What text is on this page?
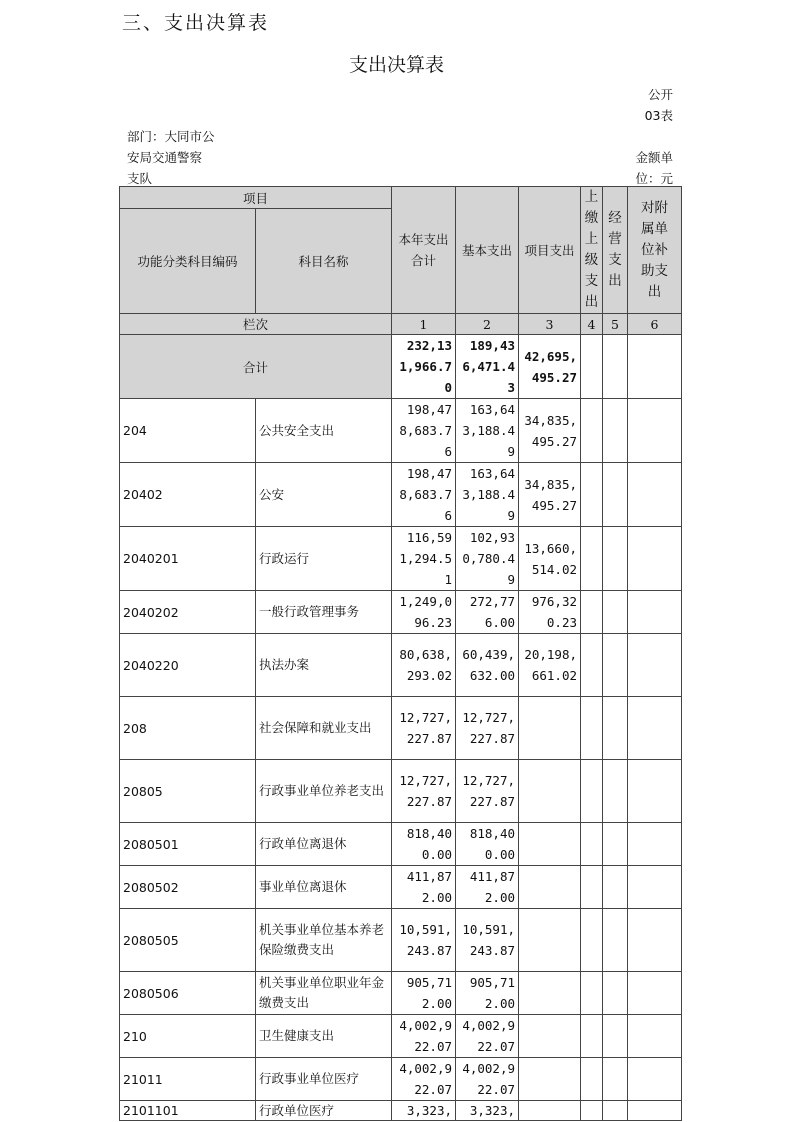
三、支出决算表
支出决算表
公开
03表
部门：大同市公
安局交通警察
支队
金额单
位：元
项目		本年支出合计	基本支出	项目支出	上缴上级支出	经营支出	对附属单位补助支出
功能分类科目编码	科目名称						
栏次		1	2	3	4	5	6
合计		232,131,966.70	189,436,471.43	42,695,495.27			
204	公共安全支出	198,478,683.76	163,643,188.49	34,835,495.27			
20402	公安	198,478,683.76	163,643,188.49	34,835,495.27			
2040201	行政运行	116,591,294.51	102,930,780.49	13,660,514.02			
2040202	一般行政管理事务	1,249,096.23	272,776.00	976,320.23			
2040220	执法办案	80,638,293.02	60,439,632.00	20,198,661.02			
208	社会保障和就业支出	12,727,227.87	12,727,227.87				
20805	行政事业单位养老支出	12,727,227.87	12,727,227.87				
2080501	行政单位离退休	818,400.00	818,400.00				
2080502	事业单位离退休	411,872.00	411,872.00				
2080505	机关事业单位基本养老保险缴费支出	10,591,243.87	10,591,243.87				
2080506	机关事业单位职业年金缴费支出	905,712.00	905,712.00				
210	卫生健康支出	4,002,922.07	4,002,922.07				
21011	行政事业单位医疗	4,002,922.07	4,002,922.07				
2101101	行政单位医疗	3,323,	3,323,				
